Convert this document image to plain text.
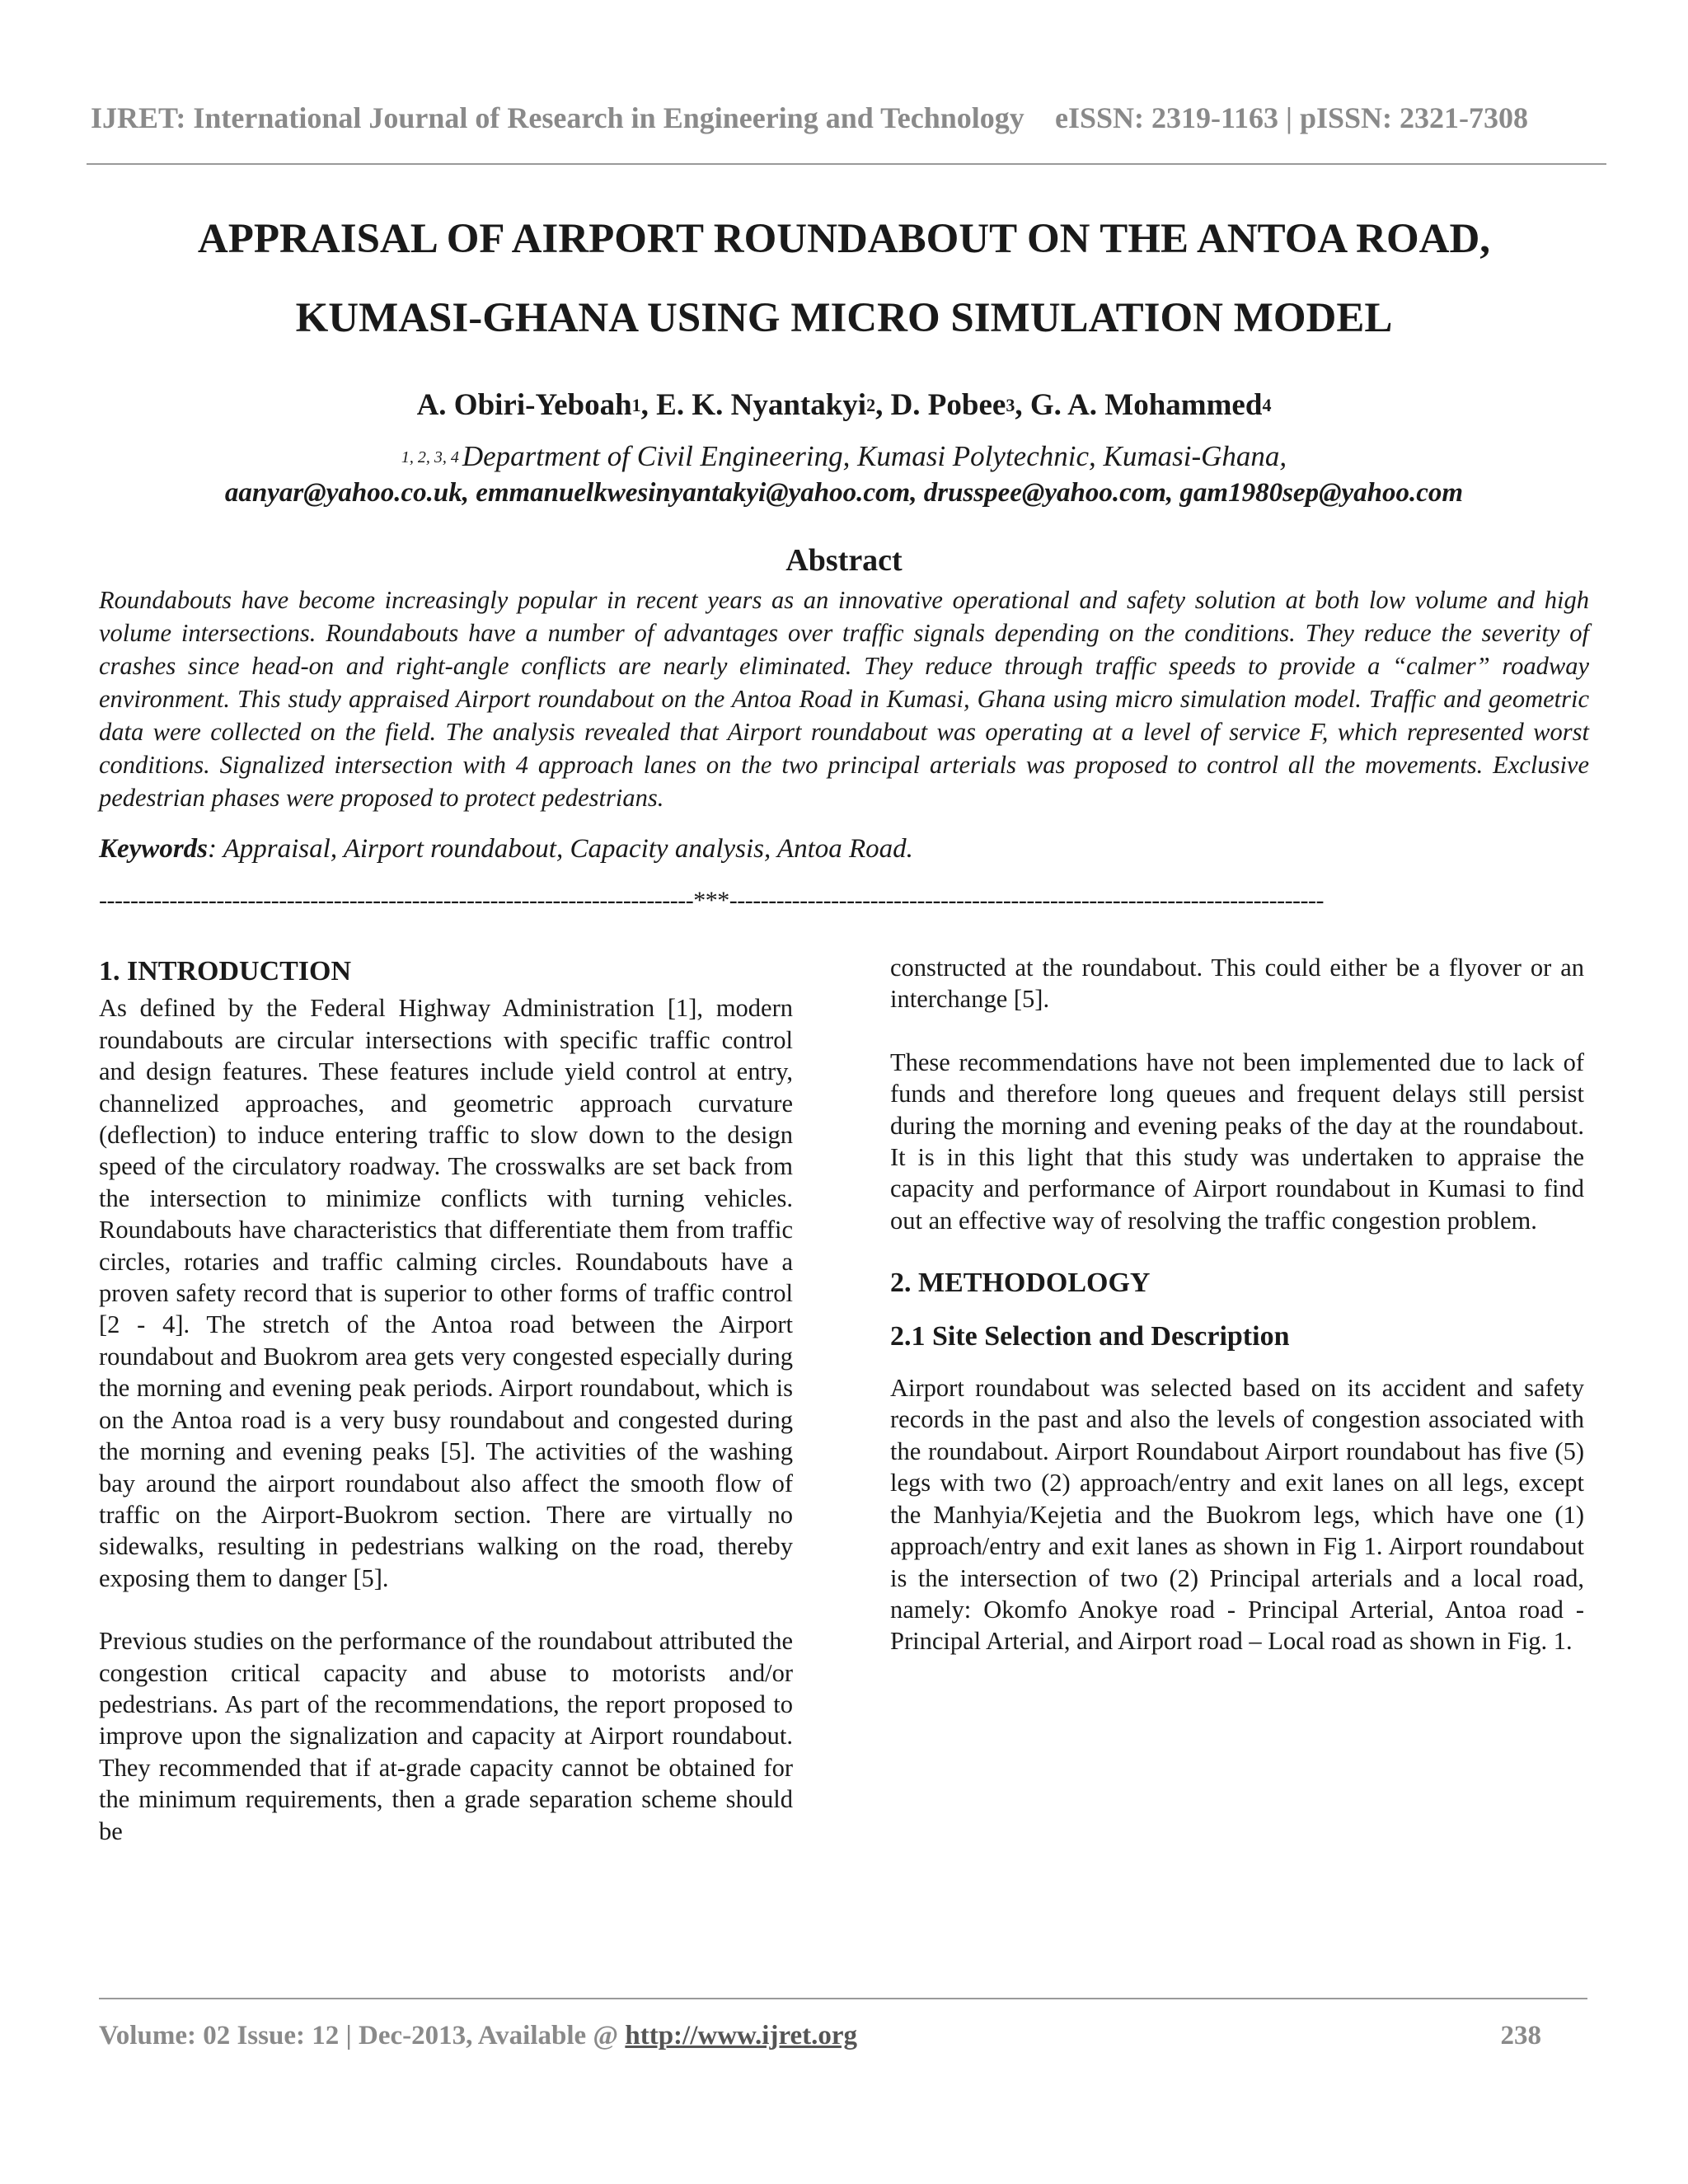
IJRET: International Journal of Research in Engineering and Technology eISSN: 2319-1163 | pISSN: 2321-7308
APPRAISAL OF AIRPORT ROUNDABOUT ON THE ANTOA ROAD,
KUMASI-GHANA USING MICRO SIMULATION MODEL
A. Obiri-Yeboah$^1$, E. K. Nyantakyi$^2$, D. Pobee$^3$, G. A. Mohammed$^4$
$^{1, 2, 3, 4}$ Department of Civil Engineering, Kumasi Polytechnic, Kumasi-Ghana,
aanyar@yahoo.co.uk, emmanuelkwesinyantakyi@yahoo.com, drusspee@yahoo.com, gam1980sep@yahoo.com
Abstract
Roundabouts have become increasingly popular in recent years as an innovative operational and safety solution at both low volume and high volume intersections. Roundabouts have a number of advantages over traffic signals depending on the conditions. They reduce the severity of crashes since head-on and right-angle conflicts are nearly eliminated. They reduce through traffic speeds to provide a “calmer” roadway environment. This study appraised Airport roundabout on the Antoa Road in Kumasi, Ghana using micro simulation model. Traffic and geometric data were collected on the field. The analysis revealed that Airport roundabout was operating at a level of service F, which represented worst conditions. Signalized intersection with 4 approach lanes on the two principal arterials was proposed to control all the movements. Exclusive pedestrian phases were proposed to protect pedestrians.
Keywords: Appraisal, Airport roundabout, Capacity analysis, Antoa Road.
----------------------------------------------------------------------------***----------------------------------------------------------------------------

1. INTRODUCTION

As defined by the Federal Highway Administration [1], modern roundabouts are circular intersections with specific traffic control and design features. These features include yield control at entry, channelized approaches, and geometric approach curvature (deflection) to induce entering traffic to slow down to the design speed of the circulatory roadway. The crosswalks are set back from the intersection to minimize conflicts with turning vehicles. Roundabouts have characteristics that differentiate them from traffic circles, rotaries and traffic calming circles. Roundabouts have a proven safety record that is superior to other forms of traffic control [2 - 4]. The stretch of the Antoa road between the Airport roundabout and Buokrom area gets very congested especially during the morning and evening peak periods. Airport roundabout, which is on the Antoa road is a very busy roundabout and congested during the morning and evening peaks [5]. The activities of the washing bay around the airport roundabout also affect the smooth flow of traffic on the Airport-Buokrom section. There are virtually no sidewalks, resulting in pedestrians walking on the road, thereby exposing them to danger [5].

Previous studies on the performance of the roundabout attributed the congestion critical capacity and abuse to motorists and/or pedestrians. As part of the recommendations, the report proposed to improve upon the signalization and capacity at Airport roundabout. They recommended that if at-grade capacity cannot be obtained for the minimum requirements, then a grade separation scheme should be

constructed at the roundabout. This could either be a flyover or an interchange [5].

These recommendations have not been implemented due to lack of funds and therefore long queues and frequent delays still persist during the morning and evening peaks of the day at the roundabout. It is in this light that this study was undertaken to appraise the capacity and performance of Airport roundabout in Kumasi to find out an effective way of resolving the traffic congestion problem.

2. METHODOLOGY

2.1 Site Selection and Description

Airport roundabout was selected based on its accident and safety records in the past and also the levels of congestion associated with the roundabout. Airport Roundabout Airport roundabout has five (5) legs with two (2) approach/entry and exit lanes on all legs, except the Manhyia/Kejetia and the Buokrom legs, which have one (1) approach/entry and exit lanes as shown in Fig 1. Airport roundabout is the intersection of two (2) Principal arterials and a local road, namely: Okomfo Anokye road - Principal Arterial, Antoa road - Principal Arterial, and Airport road – Local road as shown in Fig. 1.

Volume: 02 Issue: 12 | Dec-2013, Available @ http://www.ijret.org	238
